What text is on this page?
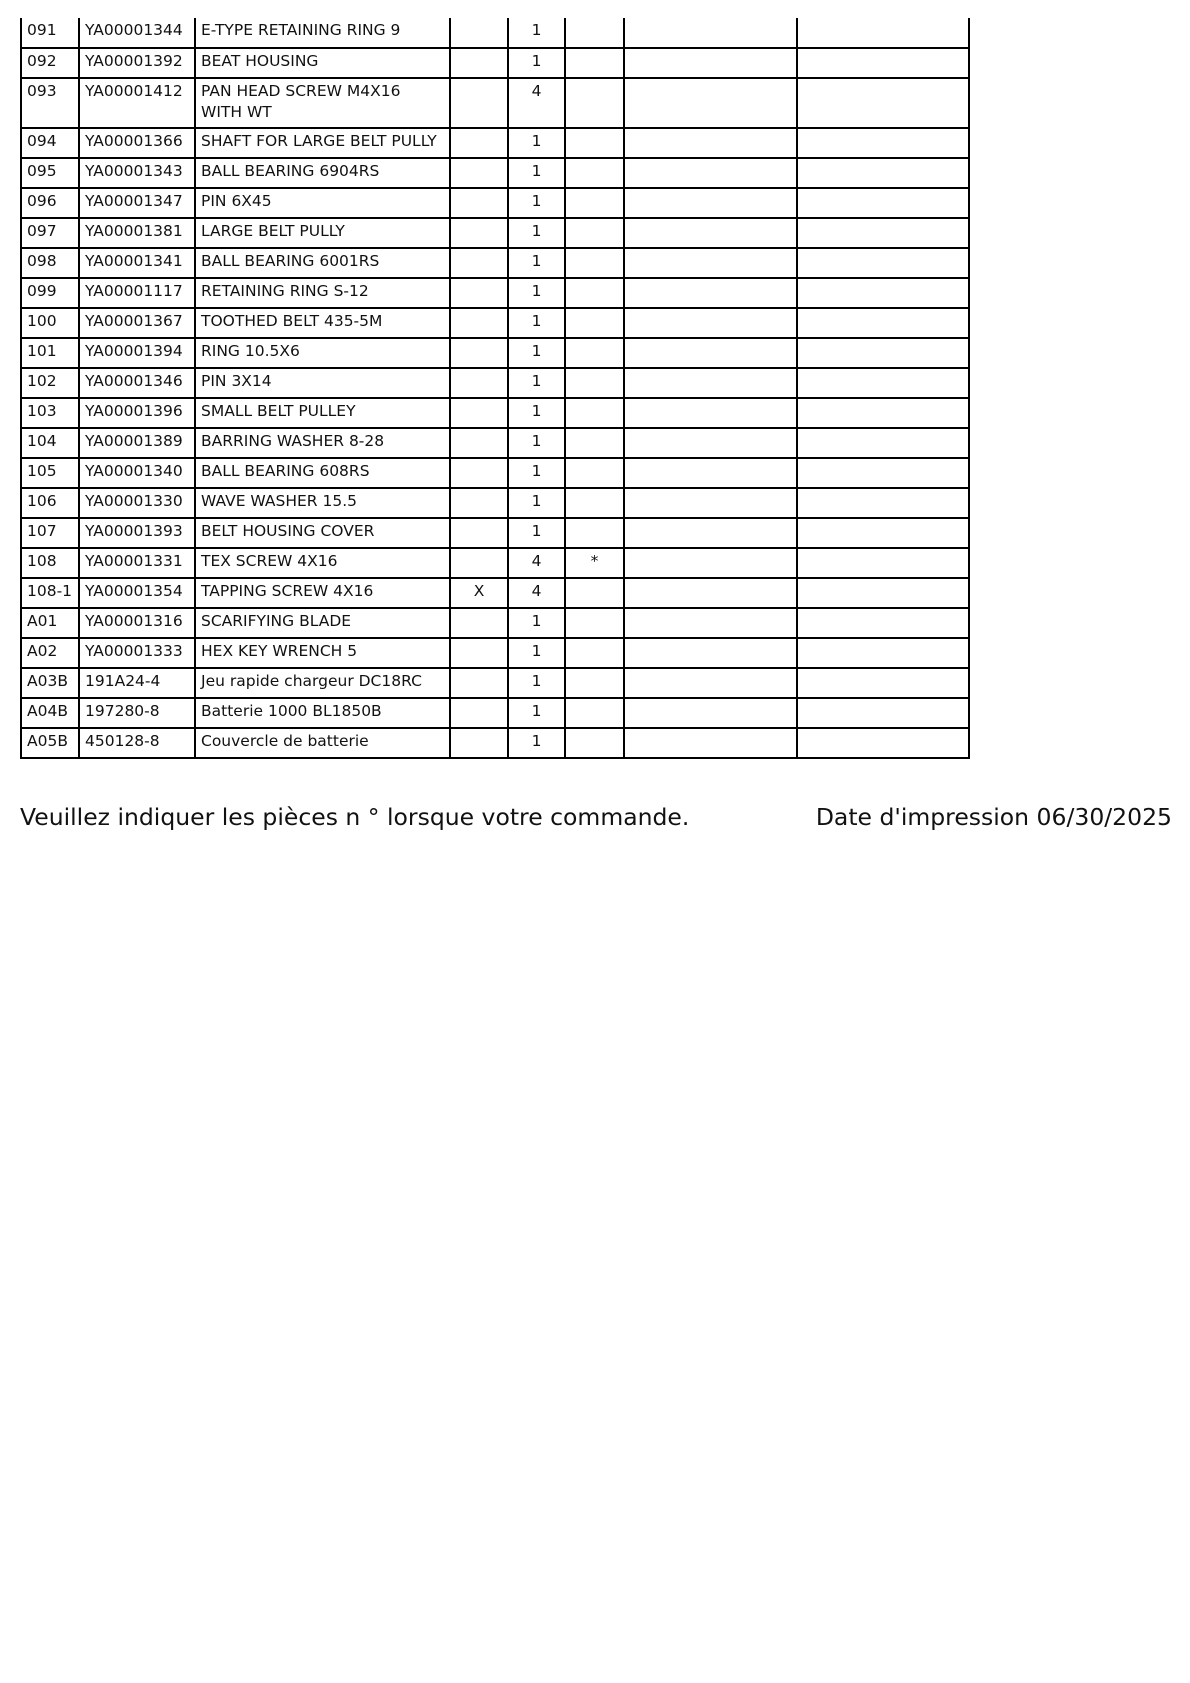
091	YA00001344	E-TYPE RETAINING RING 9		1			
092	YA00001392	BEAT HOUSING		1			
093	YA00001412	PAN HEAD SCREW M4X16 WITH WT		4			
094	YA00001366	SHAFT FOR LARGE BELT PULLY		1			
095	YA00001343	BALL BEARING 6904RS		1			
096	YA00001347	PIN 6X45		1			
097	YA00001381	LARGE BELT PULLY		1			
098	YA00001341	BALL BEARING 6001RS		1			
099	YA00001117	RETAINING RING S-12		1			
100	YA00001367	TOOTHED BELT 435-5M		1			
101	YA00001394	RING 10.5X6		1			
102	YA00001346	PIN 3X14		1			
103	YA00001396	SMALL BELT PULLEY		1			
104	YA00001389	BARRING WASHER 8-28		1			
105	YA00001340	BALL BEARING 608RS		1			
106	YA00001330	WAVE WASHER 15.5		1			
107	YA00001393	BELT HOUSING COVER		1			
108	YA00001331	TEX SCREW 4X16		4	*		
108-1	YA00001354	TAPPING SCREW 4X16	X	4			
A01	YA00001316	SCARIFYING BLADE		1			
A02	YA00001333	HEX KEY WRENCH 5		1			
A03B	191A24-4	Jeu rapide chargeur DC18RC		1			
A04B	197280-8	Batterie 1000 BL1850B		1			
A05B	450128-8	Couvercle de batterie		1			
Veuillez indiquer les pièces n ° lorsque votre commande.	Date d'impression 06/30/2025
